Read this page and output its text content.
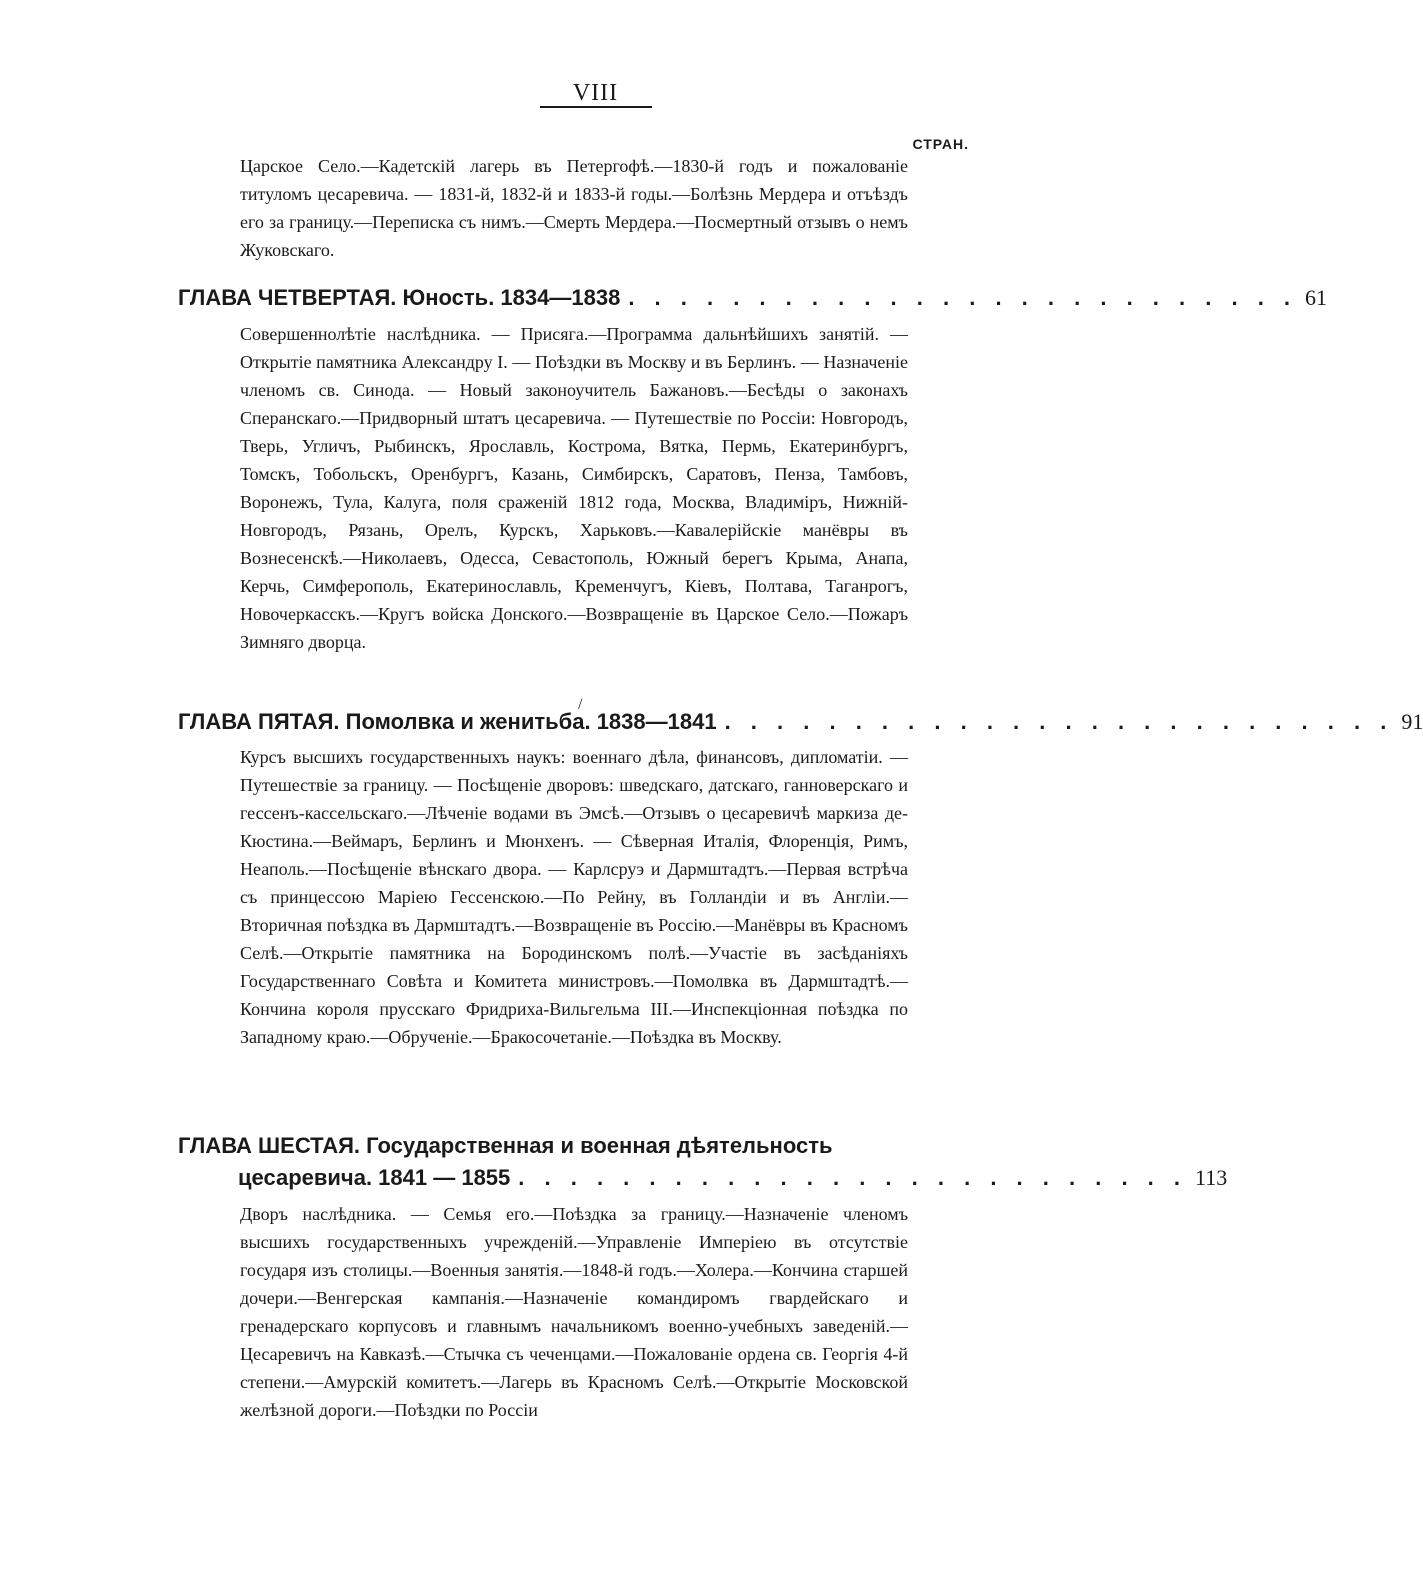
VIII
СТРАН.
Царское Село.—Кадетскій лагерь въ Петергофѣ.—1830-й годъ и пожалованіе титуломъ цесаревича. — 1831-й, 1832-й и 1833-й годы.—Болѣзнь Мердера и отъѣздъ его за границу.—Переписка съ нимъ.—Смерть Мердера.—Посмертный отзывъ о немъ Жуковскаго.
ГЛАВА ЧЕТВЕРТАЯ. Юность. 1834—1838 . . . . . . . . . . . . . . . . . . . . . . . . . . 61
Совершеннолѣтіе наслѣдника. — Присяга.—Программа дальнѣйшихъ занятій. — Открытіе памятника Александру I. — Поѣздки въ Москву и въ Берлинъ. — Назначеніе членомъ св. Синода. — Новый законоучитель Бажановъ.—Бесѣды о законахъ Сперанскаго.—Придворный штатъ цесаревича. — Путешествіе по Россіи: Новгородъ, Тверь, Угличъ, Рыбинскъ, Ярославль, Кострома, Вятка, Пермь, Екатеринбургъ, Томскъ, Тобольскъ, Оренбургъ, Казань, Симбирскъ, Саратовъ, Пенза, Тамбовъ, Воронежъ, Тула, Калуга, поля сраженій 1812 года, Москва, Владиміръ, Нижній-Новгородъ, Рязань, Орелъ, Курскъ, Харьковъ.—Кавалерійскіе манёвры въ Вознесенскѣ.—Николаевъ, Одесса, Севастополь, Южный берегъ Крыма, Анапа, Керчь, Симферополь, Екатеринославль, Кременчугъ, Кіевъ, Полтава, Таганрогъ, Новочеркасскъ.—Кругъ войска Донского.—Возвращеніе въ Царское Село.—Пожаръ Зимняго дворца.
/
ГЛАВА ПЯТАЯ. Помолвка и женитьба. 1838—1841 . . . . . . . . . . . . . . . . . . . . . . . . . . 91
Курсъ высшихъ государственныхъ наукъ: военнаго дѣла, финансовъ, дипломатіи. — Путешествіе за границу. — Посѣщеніе дворовъ: шведскаго, датскаго, ганноверскаго и гессенъ-кассельскаго.—Лѣченіе водами въ Эмсѣ.—Отзывъ о цесаревичѣ маркиза де-Кюстина.—Веймаръ, Берлинъ и Мюнхенъ. — Сѣверная Италія, Флоренція, Римъ, Неаполь.—Посѣщеніе вѣнскаго двора. — Карлсруэ и Дармштадтъ.—Первая встрѣча съ принцессою Маріею Гессенскою.—По Рейну, въ Голландіи и въ Англіи.—Вторичная поѣздка въ Дармштадтъ.—Возвращеніе въ Россію.—Манёвры въ Красномъ Селѣ.—Открытіе памятника на Бородинскомъ полѣ.—Участіе въ засѣданіяхъ Государственнаго Совѣта и Комитета министровъ.—Помолвка въ Дармштадтѣ.—Кончина короля прусскаго Фридриха-Вильгельма III.—Инспекціонная поѣздка по Западному краю.—Обрученіе.—Бракосочетаніе.—Поѣздка въ Москву.
ГЛАВА ШЕСТАЯ. Государственная и военная дѣятельность
цесаревича. 1841 — 1855 . . . . . . . . . . . . . . . . . . . . . . . . . . 113
Дворъ наслѣдника. — Семья его.—Поѣздка за границу.—Назначеніе членомъ высшихъ государственныхъ учрежденій.—Управленіе Имперіею въ отсутствіе государя изъ столицы.—Военныя занятія.—1848-й годъ.—Холера.—Кончина старшей дочери.—Венгерская кампанія.—Назначеніе командиромъ гвардейскаго и гренадерскаго корпусовъ и главнымъ начальникомъ военно-учебныхъ заведеній.—Цесаревичъ на Кавказѣ.—Стычка съ чеченцами.—Пожалованіе ордена св. Георгія 4-й степени.—Амурскій комитетъ.—Лагерь въ Красномъ Селѣ.—Открытіе Московской желѣзной дороги.—Поѣздки по Россіи
